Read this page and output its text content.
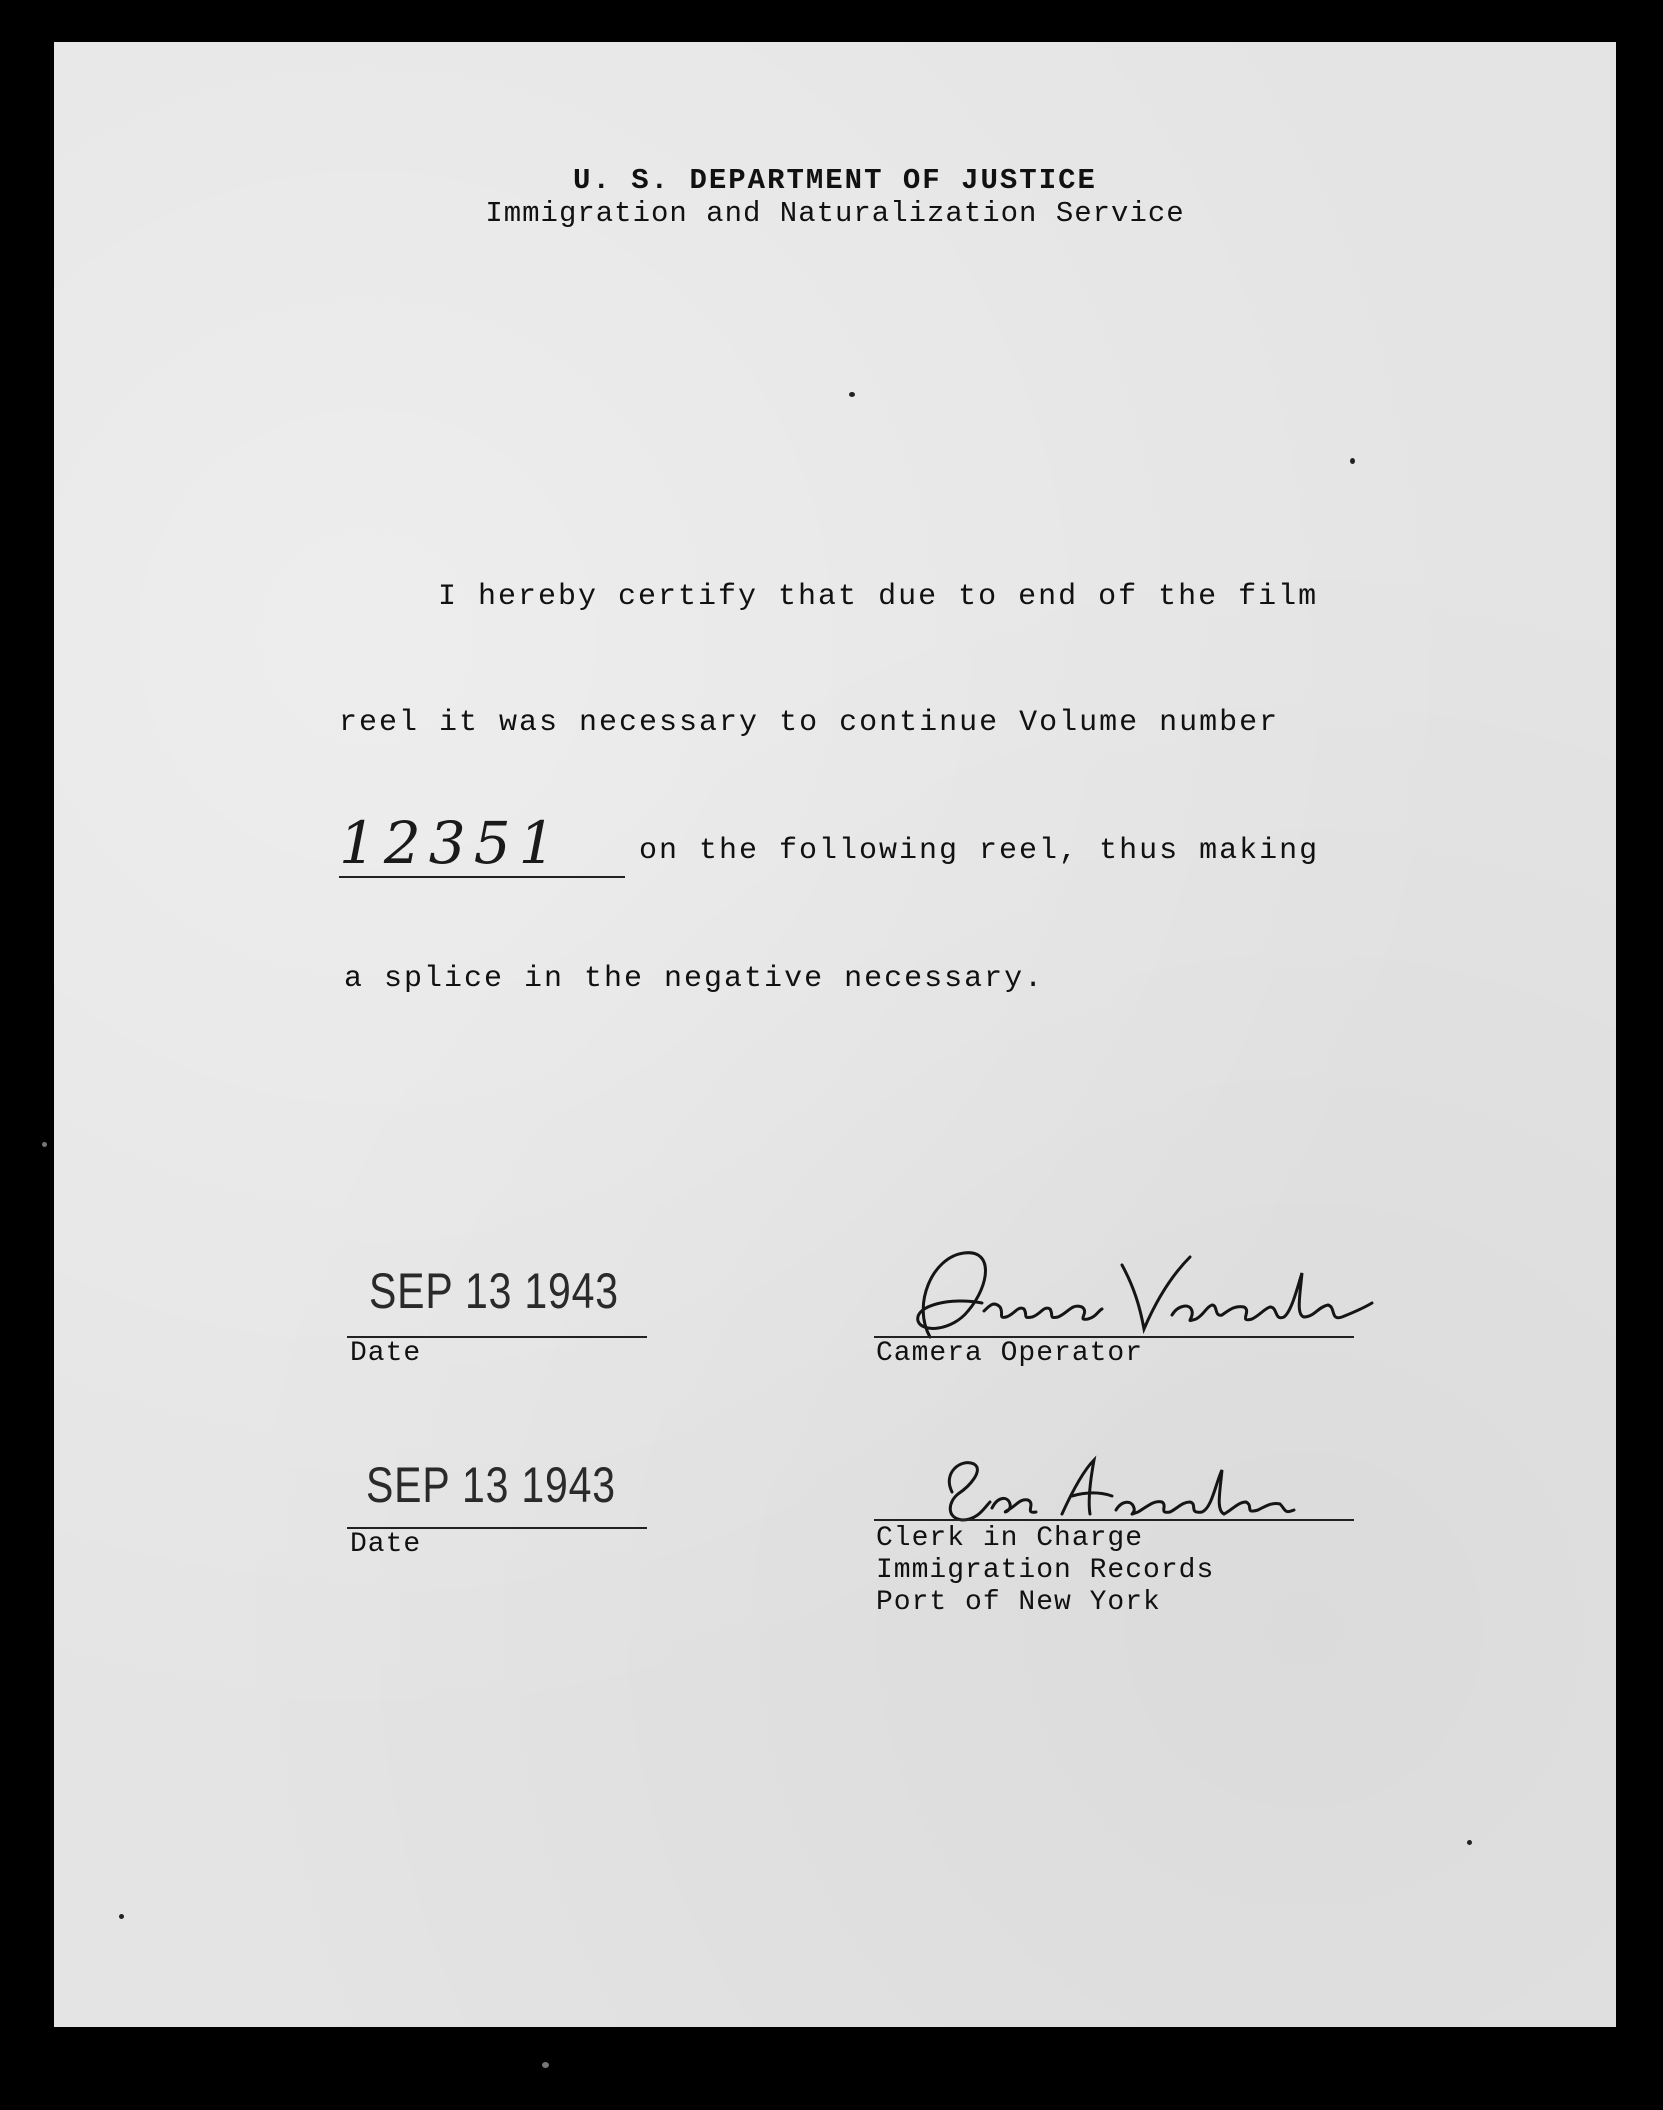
U. S. DEPARTMENT OF JUSTICE
Immigration and Naturalization Service
I hereby certify that due to end of the film
reel it was necessary to continue Volume number
12351	on the following reel, thus making
a splice in the negative necessary.
SEP 13 1943
Date	Camera Operator
SEP 13 1943
Date	Clerk in Charge
Immigration Records
Port of New York
